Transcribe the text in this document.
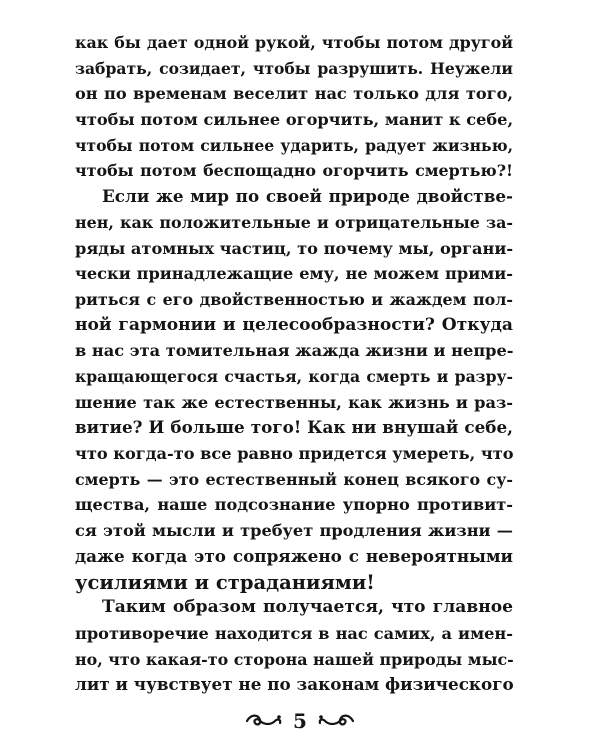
как бы дает одной рукой, чтобы потом другой
забрать, созидает, чтобы разрушить. Неужели
он по временам веселит нас только для того,
чтобы потом сильнее огорчить, манит к себе,
чтобы потом сильнее ударить, радует жизнью,
чтобы потом беспощадно огорчить смертью?!
Если же мир по своей природе двойстве-
нен, как положительные и отрицательные за-
ряды атомных частиц, то почему мы, органи-
чески принадлежащие ему, не можем прими-
риться с его двойственностью и жаждем пол-
ной гармонии и целесообразности? Откуда
в нас эта томительная жажда жизни и непре-
кращающегося счастья, когда смерть и разру-
шение так же естественны, как жизнь и раз-
витие? И больше того! Как ни внушай себе,
что когда-то все равно придется умереть, что
смерть — это естественный конец всякого су-
щества, наше подсознание упорно противит-
ся этой мысли и требует продления жизни —
даже когда это сопряжено с невероятными
усилиями и страданиями!
Таким образом получается, что главное
противоречие находится в нас самих, а имен-
но, что какая-то сторона нашей природы мыс-
лит и чувствует не по законам физического
5
